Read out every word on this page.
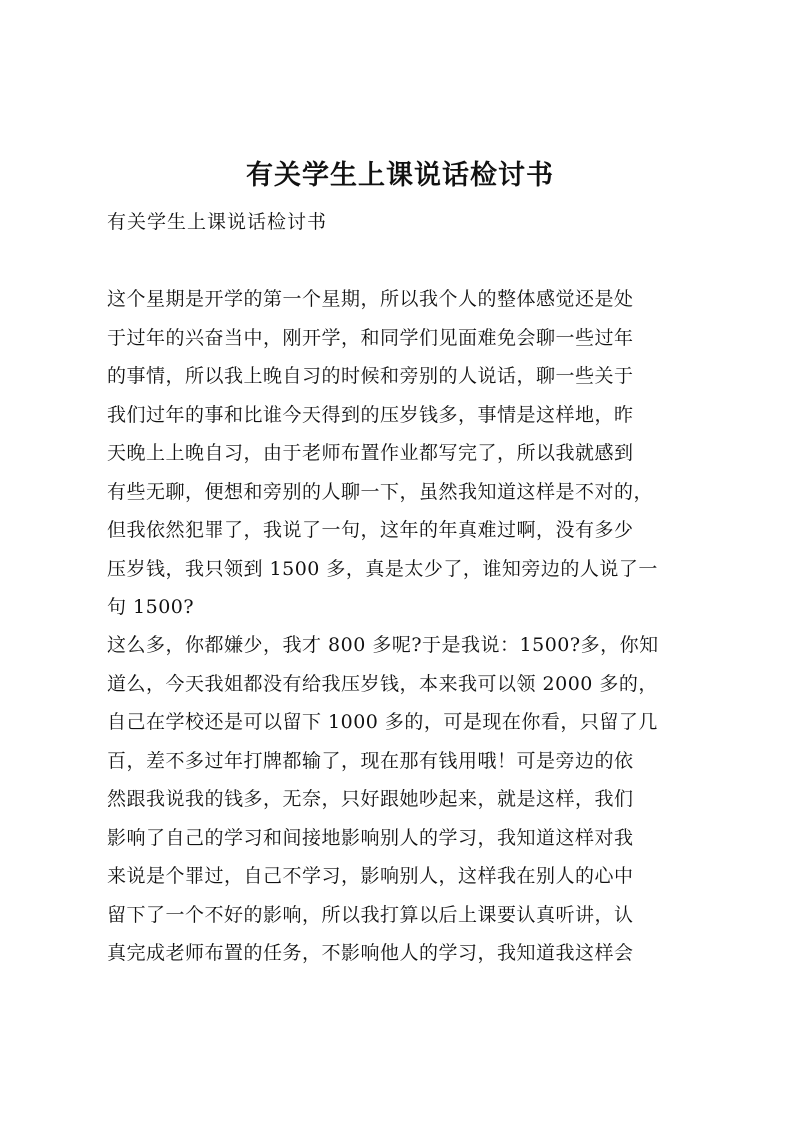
有关学生上课说话检讨书

有关学生上课说话检讨书

这个星期是开学的第一个星期，所以我个人的整体感觉还是处
于过年的兴奋当中，刚开学，和同学们见面难免会聊一些过年
的事情，所以我上晚自习的时候和旁别的人说话，聊一些关于
我们过年的事和比谁今天得到的压岁钱多，事情是这样地，昨
天晚上上晚自习，由于老师布置作业都写完了，所以我就感到
有些无聊，便想和旁别的人聊一下，虽然我知道这样是不对的，
但我依然犯罪了，我说了一句，这年的年真难过啊，没有多少
压岁钱，我只领到 1500 多，真是太少了，谁知旁边的人说了一
句 1500?
这么多，你都嫌少，我才 800 多呢?于是我说：1500?多，你知
道么，今天我姐都没有给我压岁钱，本来我可以领 2000 多的，
自己在学校还是可以留下 1000 多的，可是现在你看，只留了几
百，差不多过年打牌都输了，现在那有钱用哦！可是旁边的依
然跟我说我的钱多，无奈，只好跟她吵起来，就是这样，我们
影响了自己的学习和间接地影响别人的学习，我知道这样对我
来说是个罪过，自己不学习，影响别人，这样我在别人的心中
留下了一个不好的影响，所以我打算以后上课要认真听讲，认
真完成老师布置的任务，不影响他人的学习，我知道我这样会
